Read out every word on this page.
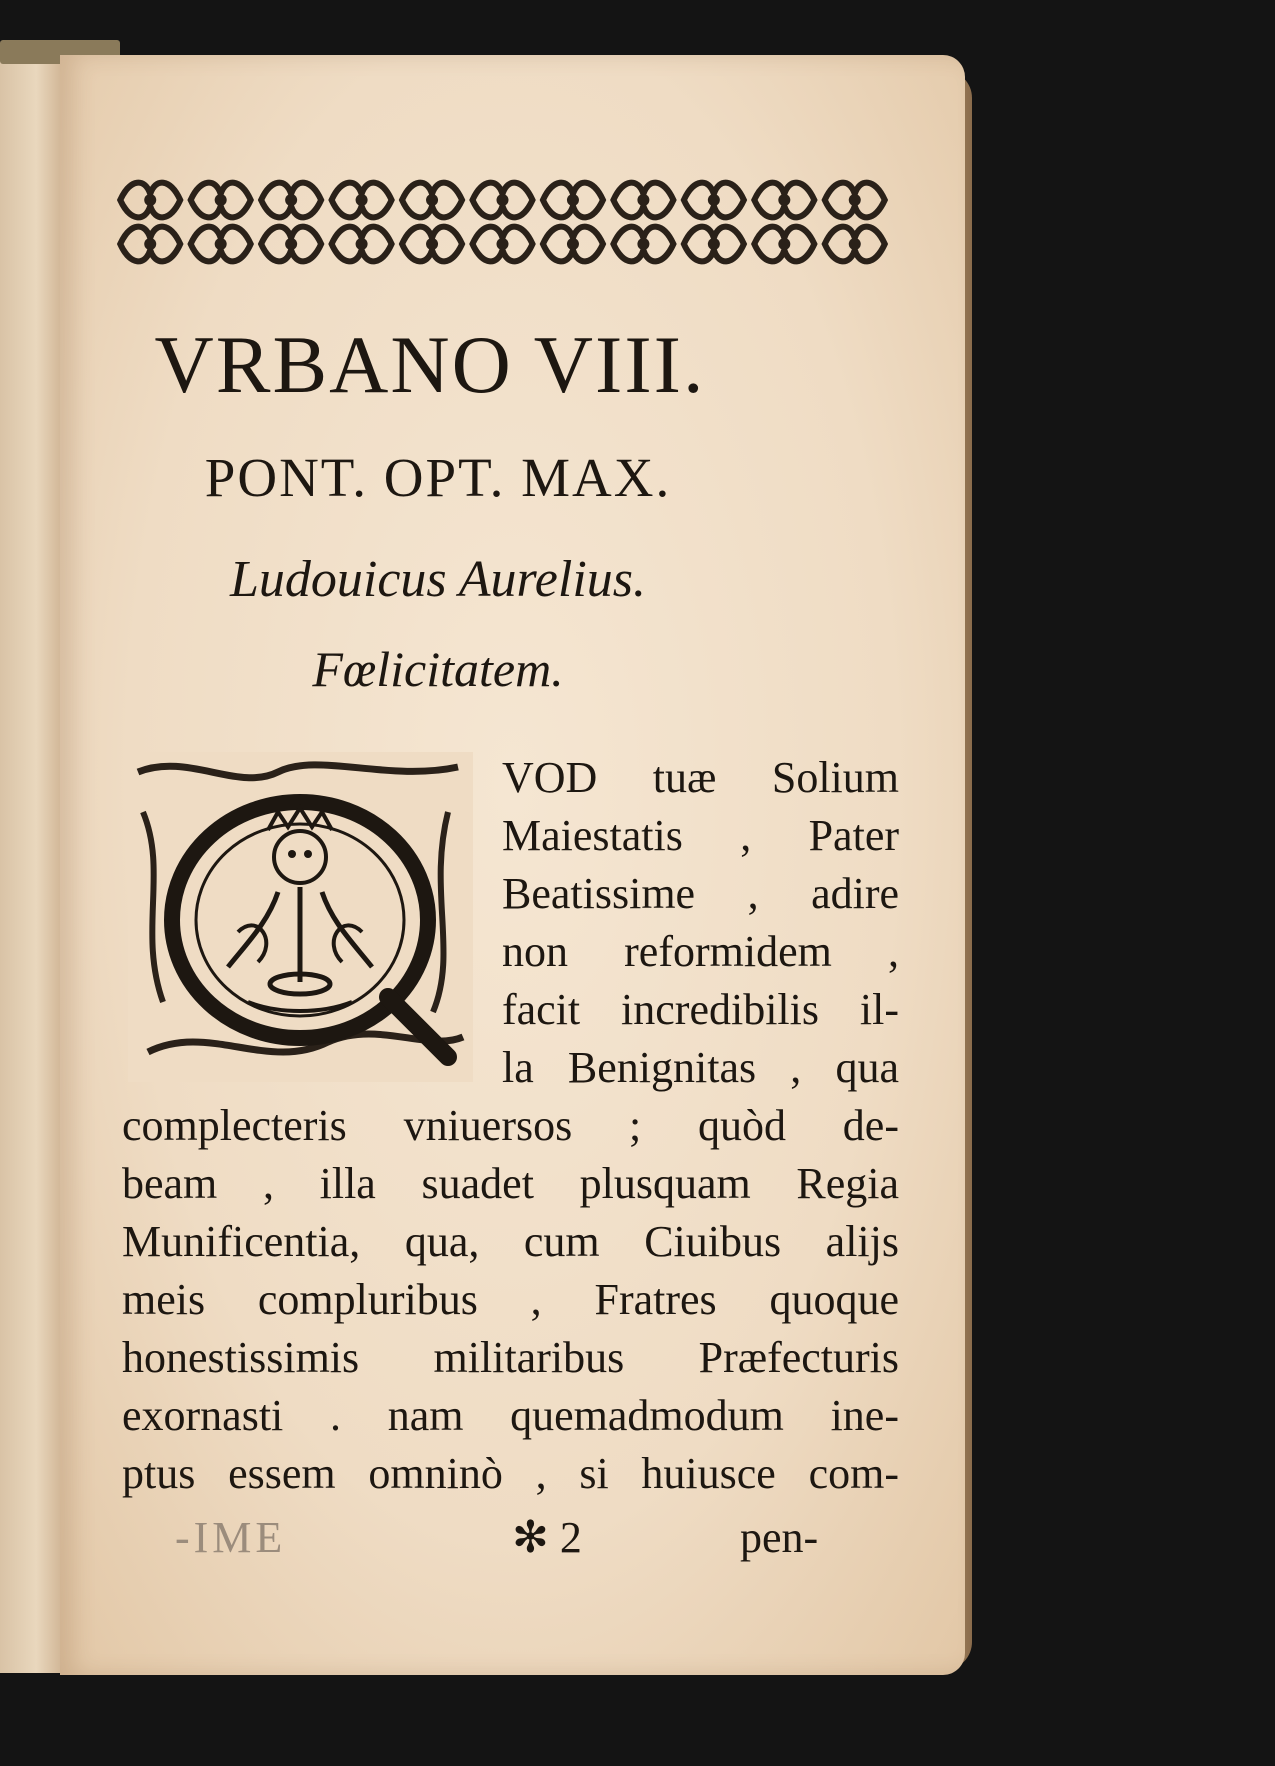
VRBANO VIII.
PONT. OPT. MAX.
Ludouicus Aurelius.
Fœlicitatem.
VOD tuæ Solium
Maiestatis , Pater
Beatissime , adire
non reformidem ,
facit incredibilis il-
la Benignitas , qua
complecteris vniuersos ; quòd de-
beam , illa suadet plusquam Regia
Munificentia, qua, cum Ciuibus alijs
meis compluribus , Fratres quoque
honestissimis militaribus Præfecturis
exornasti . nam quemadmodum ine-
ptus essem omninò , si huiusce com-
-IME	✻ 2	pen-
